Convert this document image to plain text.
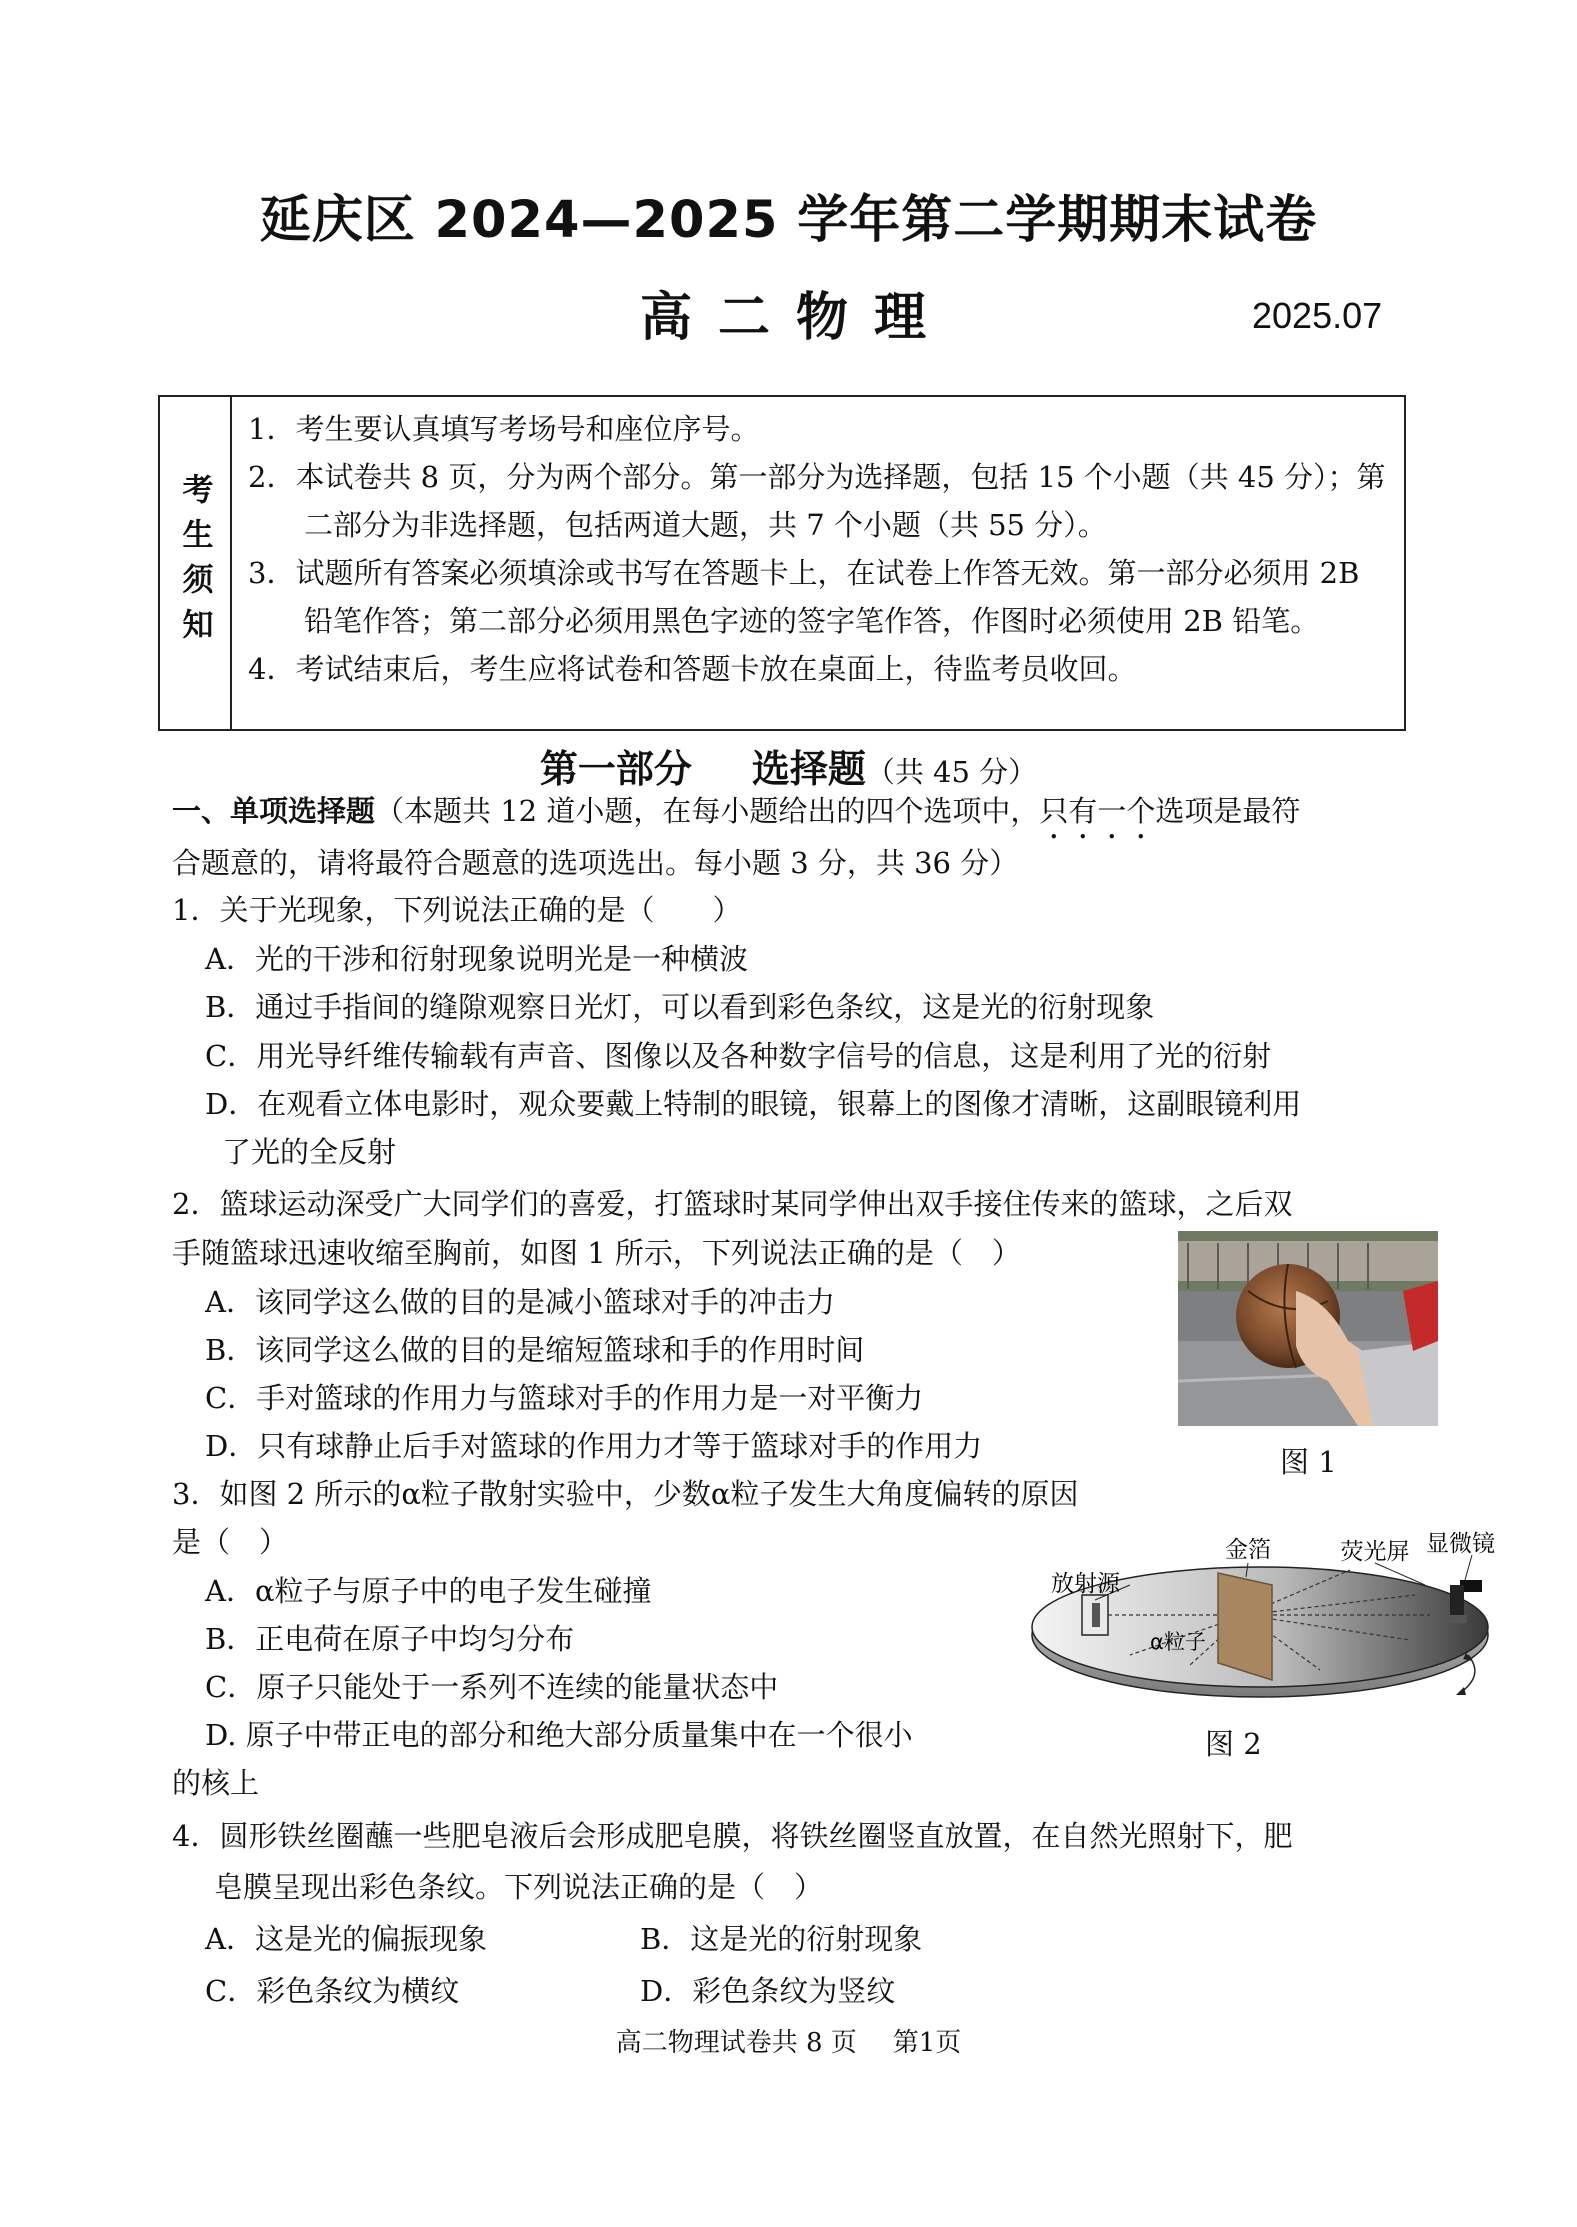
延庆区 2024—2025 学年第二学期期末试卷
高二物理	2025.07
考生须知

1．考生要认真填写考场号和座位序号。

2．本试卷共 8 页，分为两个部分。第一部分为选择题，包括 15 个小题（共 45 分）；第二部分为非选择题，包括两道大题，共 7 个小题（共 55 分）。

3．试题所有答案必须填涂或书写在答题卡上，在试卷上作答无效。第一部分必须用 2B 铅笔作答；第二部分必须用黑色字迹的签字笔作答，作图时必须使用 2B 铅笔。

4．考试结束后，考生应将试卷和答题卡放在桌面上，待监考员收回。

第一部分 选择题（共 45 分）
一、单项选择题（本题共 12 道小题，在每小题给出的四个选项中，只有一个选项是最符
合题意的，请将最符合题意的选项选出。每小题 3 分，共 36 分）
1．关于光现象，下列说法正确的是（　　）
A．光的干涉和衍射现象说明光是一种横波
B．通过手指间的缝隙观察日光灯，可以看到彩色条纹，这是光的衍射现象
C．用光导纤维传输载有声音、图像以及各种数字信号的信息，这是利用了光的衍射
D．在观看立体电影时，观众要戴上特制的眼镜，银幕上的图像才清晰，这副眼镜利用
了光的全反射
2．篮球运动深受广大同学们的喜爱，打篮球时某同学伸出双手接住传来的篮球，之后双
手随篮球迅速收缩至胸前，如图 1 所示，下列说法正确的是（　）
A．该同学这么做的目的是减小篮球对手的冲击力
B．该同学这么做的目的是缩短篮球和手的作用时间
C．手对篮球的作用力与篮球对手的作用力是一对平衡力
D．只有球静止后手对篮球的作用力才等于篮球对手的作用力	图 1
3．如图 2 所示的α粒子散射实验中，少数α粒子发生大角度偏转的原因
是（　）
A．α粒子与原子中的电子发生碰撞
B．正电荷在原子中均匀分布
C．原子只能处于一系列不连续的能量状态中
D. 原子中带正电的部分和绝大部分质量集中在一个很小
的核上
放射源
金箔	荧光屏 显微镜
α粒子
图 2
4．圆形铁丝圈蘸一些肥皂液后会形成肥皂膜，将铁丝圈竖直放置，在自然光照射下，肥
皂膜呈现出彩色条纹。下列说法正确的是（　）
A．这是光的偏振现象	B．这是光的衍射现象
C．彩色条纹为横纹	D．彩色条纹为竖纹
高二物理试卷共 8 页 第1页
